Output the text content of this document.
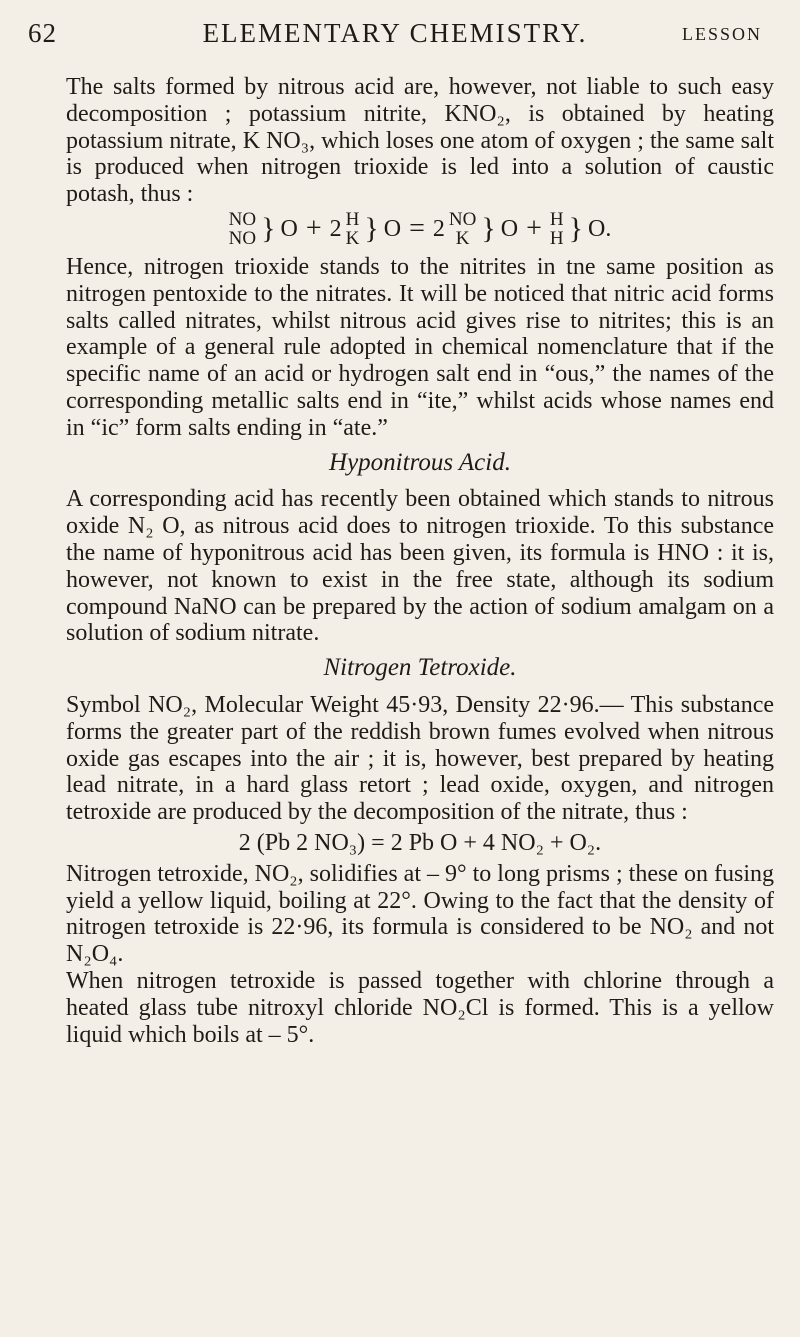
62	ELEMENTARY CHEMISTRY.	LESSON

The salts formed by nitrous acid are, however, not liable to such easy decomposition ; potassium nitrite, KNO₂, is obtained by heating potassium nitrate, K NO₃, which loses one atom of oxygen ; the same salt is produced when nitrogen trioxide is led into a solution of caustic potash, thus :

NO
NO } O + 2 H
K } O = 2 NO
K } O + H
H } O.

Hence, nitrogen trioxide stands to the nitrites in tne same position as nitrogen pentoxide to the nitrates. It will be noticed that nitric acid forms salts called nitrates, whilst nitrous acid gives rise to nitrites; this is an example of a general rule adopted in chemical nomenclature that if the specific name of an acid or hydrogen salt end in “ous,” the names of the corresponding metallic salts end in “ite,” whilst acids whose names end in “ic” form salts ending in “ate.”

Hyponitrous Acid.

A corresponding acid has recently been obtained which stands to nitrous oxide N₂ O, as nitrous acid does to nitrogen trioxide. To this substance the name of hyponitrous acid has been given, its formula is HNO : it is, however, not known to exist in the free state, although its sodium compound NaNO can be prepared by the action of sodium amalgam on a solution of sodium nitrate.

Nitrogen Tetroxide.

Symbol NO₂, Molecular Weight 45·93, Density 22·96.— This substance forms the greater part of the reddish brown fumes evolved when nitrous oxide gas escapes into the air ; it is, however, best prepared by heating lead nitrate, in a hard glass retort ; lead oxide, oxygen, and nitrogen tetroxide are produced by the decomposition of the nitrate, thus :

2 (Pb 2 NO₃) = 2 Pb O + 4 NO₂ + O₂.

Nitrogen tetroxide, NO₂, solidifies at – 9° to long prisms ; these on fusing yield a yellow liquid, boiling at 22°. Owing to the fact that the density of nitrogen tetroxide is 22·96, its formula is considered to be NO₂ and not N₂O₄.

When nitrogen tetroxide is passed together with chlorine through a heated glass tube nitroxyl chloride NO₂Cl is formed. This is a yellow liquid which boils at – 5°.
